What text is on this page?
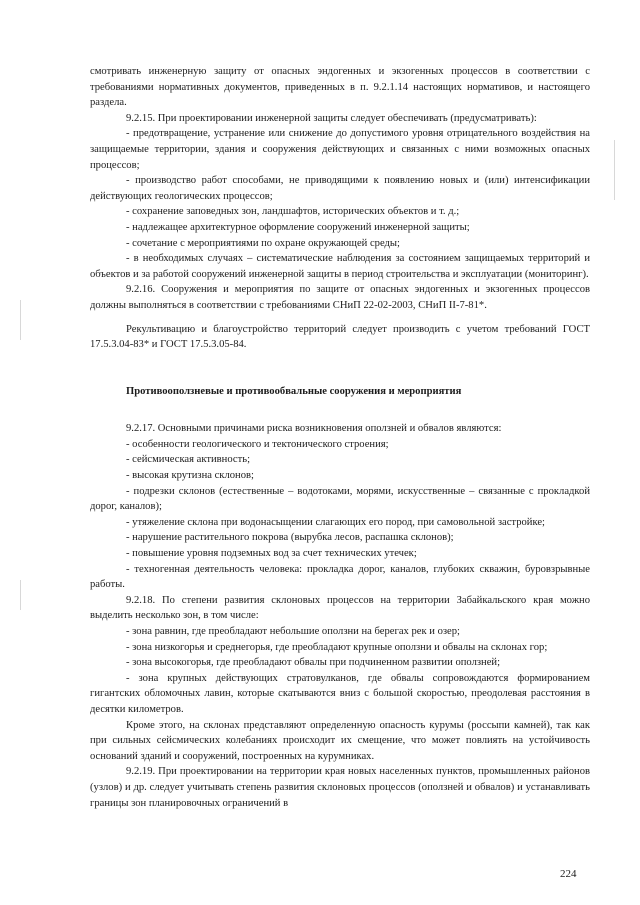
смотривать инженерную защиту от опасных эндогенных и экзогенных процессов в соответствии с требованиями нормативных документов, приведенных в п. 9.2.1.14 настоящих нормативов, и настоящего раздела.

9.2.15. При проектировании инженерной защиты следует обеспечивать (предусматривать):

- предотвращение, устранение или снижение до допустимого уровня отрицательного воздействия на защищаемые территории, здания и сооружения действующих и связанных с ними возможных опасных процессов;

- производство работ способами, не приводящими к появлению новых и (или) интенсификации действующих геологических процессов;

- сохранение заповедных зон, ландшафтов, исторических объектов и т. д.;

- надлежащее архитектурное оформление сооружений инженерной защиты;

- сочетание с мероприятиями по охране окружающей среды;

- в необходимых случаях – систематические наблюдения за состоянием защищаемых территорий и объектов и за работой сооружений инженерной защиты в период строительства и эксплуатации (мониторинг).

9.2.16. Сооружения и мероприятия по защите от опасных эндогенных и экзогенных процессов должны выполняться в соответствии с требованиями СНиП 22-02-2003, СНиП II-7-81*.

Рекультивацию и благоустройство территорий следует производить с учетом требований ГОСТ 17.5.3.04-83* и ГОСТ 17.5.3.05-84.

Противооползневые и противообвальные сооружения и мероприятия

9.2.17. Основными причинами риска возникновения оползней и обвалов являются:

- особенности геологического и тектонического строения;

- сейсмическая активность;

- высокая крутизна склонов;

- подрезки склонов (естественные – водотоками, морями, искусственные – связанные с прокладкой дорог, каналов);

- утяжеление склона при водонасыщении слагающих его пород, при самовольной застройке;

- нарушение растительного покрова (вырубка лесов, распашка склонов);

- повышение уровня подземных вод за счет технических утечек;

- техногенная деятельность человека: прокладка дорог, каналов, глубоких скважин, буровзрывные работы.

9.2.18. По степени развития склоновых процессов на территории Забайкальского края можно выделить несколько зон, в том числе:

- зона равнин, где преобладают небольшие оползни на берегах рек и озер;

- зона низкогорья и среднегорья, где преобладают крупные оползни и обвалы на склонах гор;

- зона высокогорья, где преобладают обвалы при подчиненном развитии оползней;

- зона крупных действующих стратовулканов, где обвалы сопровождаются формированием гигантских обломочных лавин, которые скатываются вниз с большой скоростью, преодолевая расстояния в десятки километров.

Кроме этого, на склонах представляют определенную опасность курумы (россыпи камней), так как при сильных сейсмических колебаниях происходит их смещение, что может повлиять на устойчивость оснований зданий и сооружений, построенных на курумниках.

9.2.19. При проектировании на территории края новых населенных пунктов, промышленных районов (узлов) и др. следует учитывать степень развития склоновых процессов (оползней и обвалов) и устанавливать границы зон планировочных ограничений в

224
